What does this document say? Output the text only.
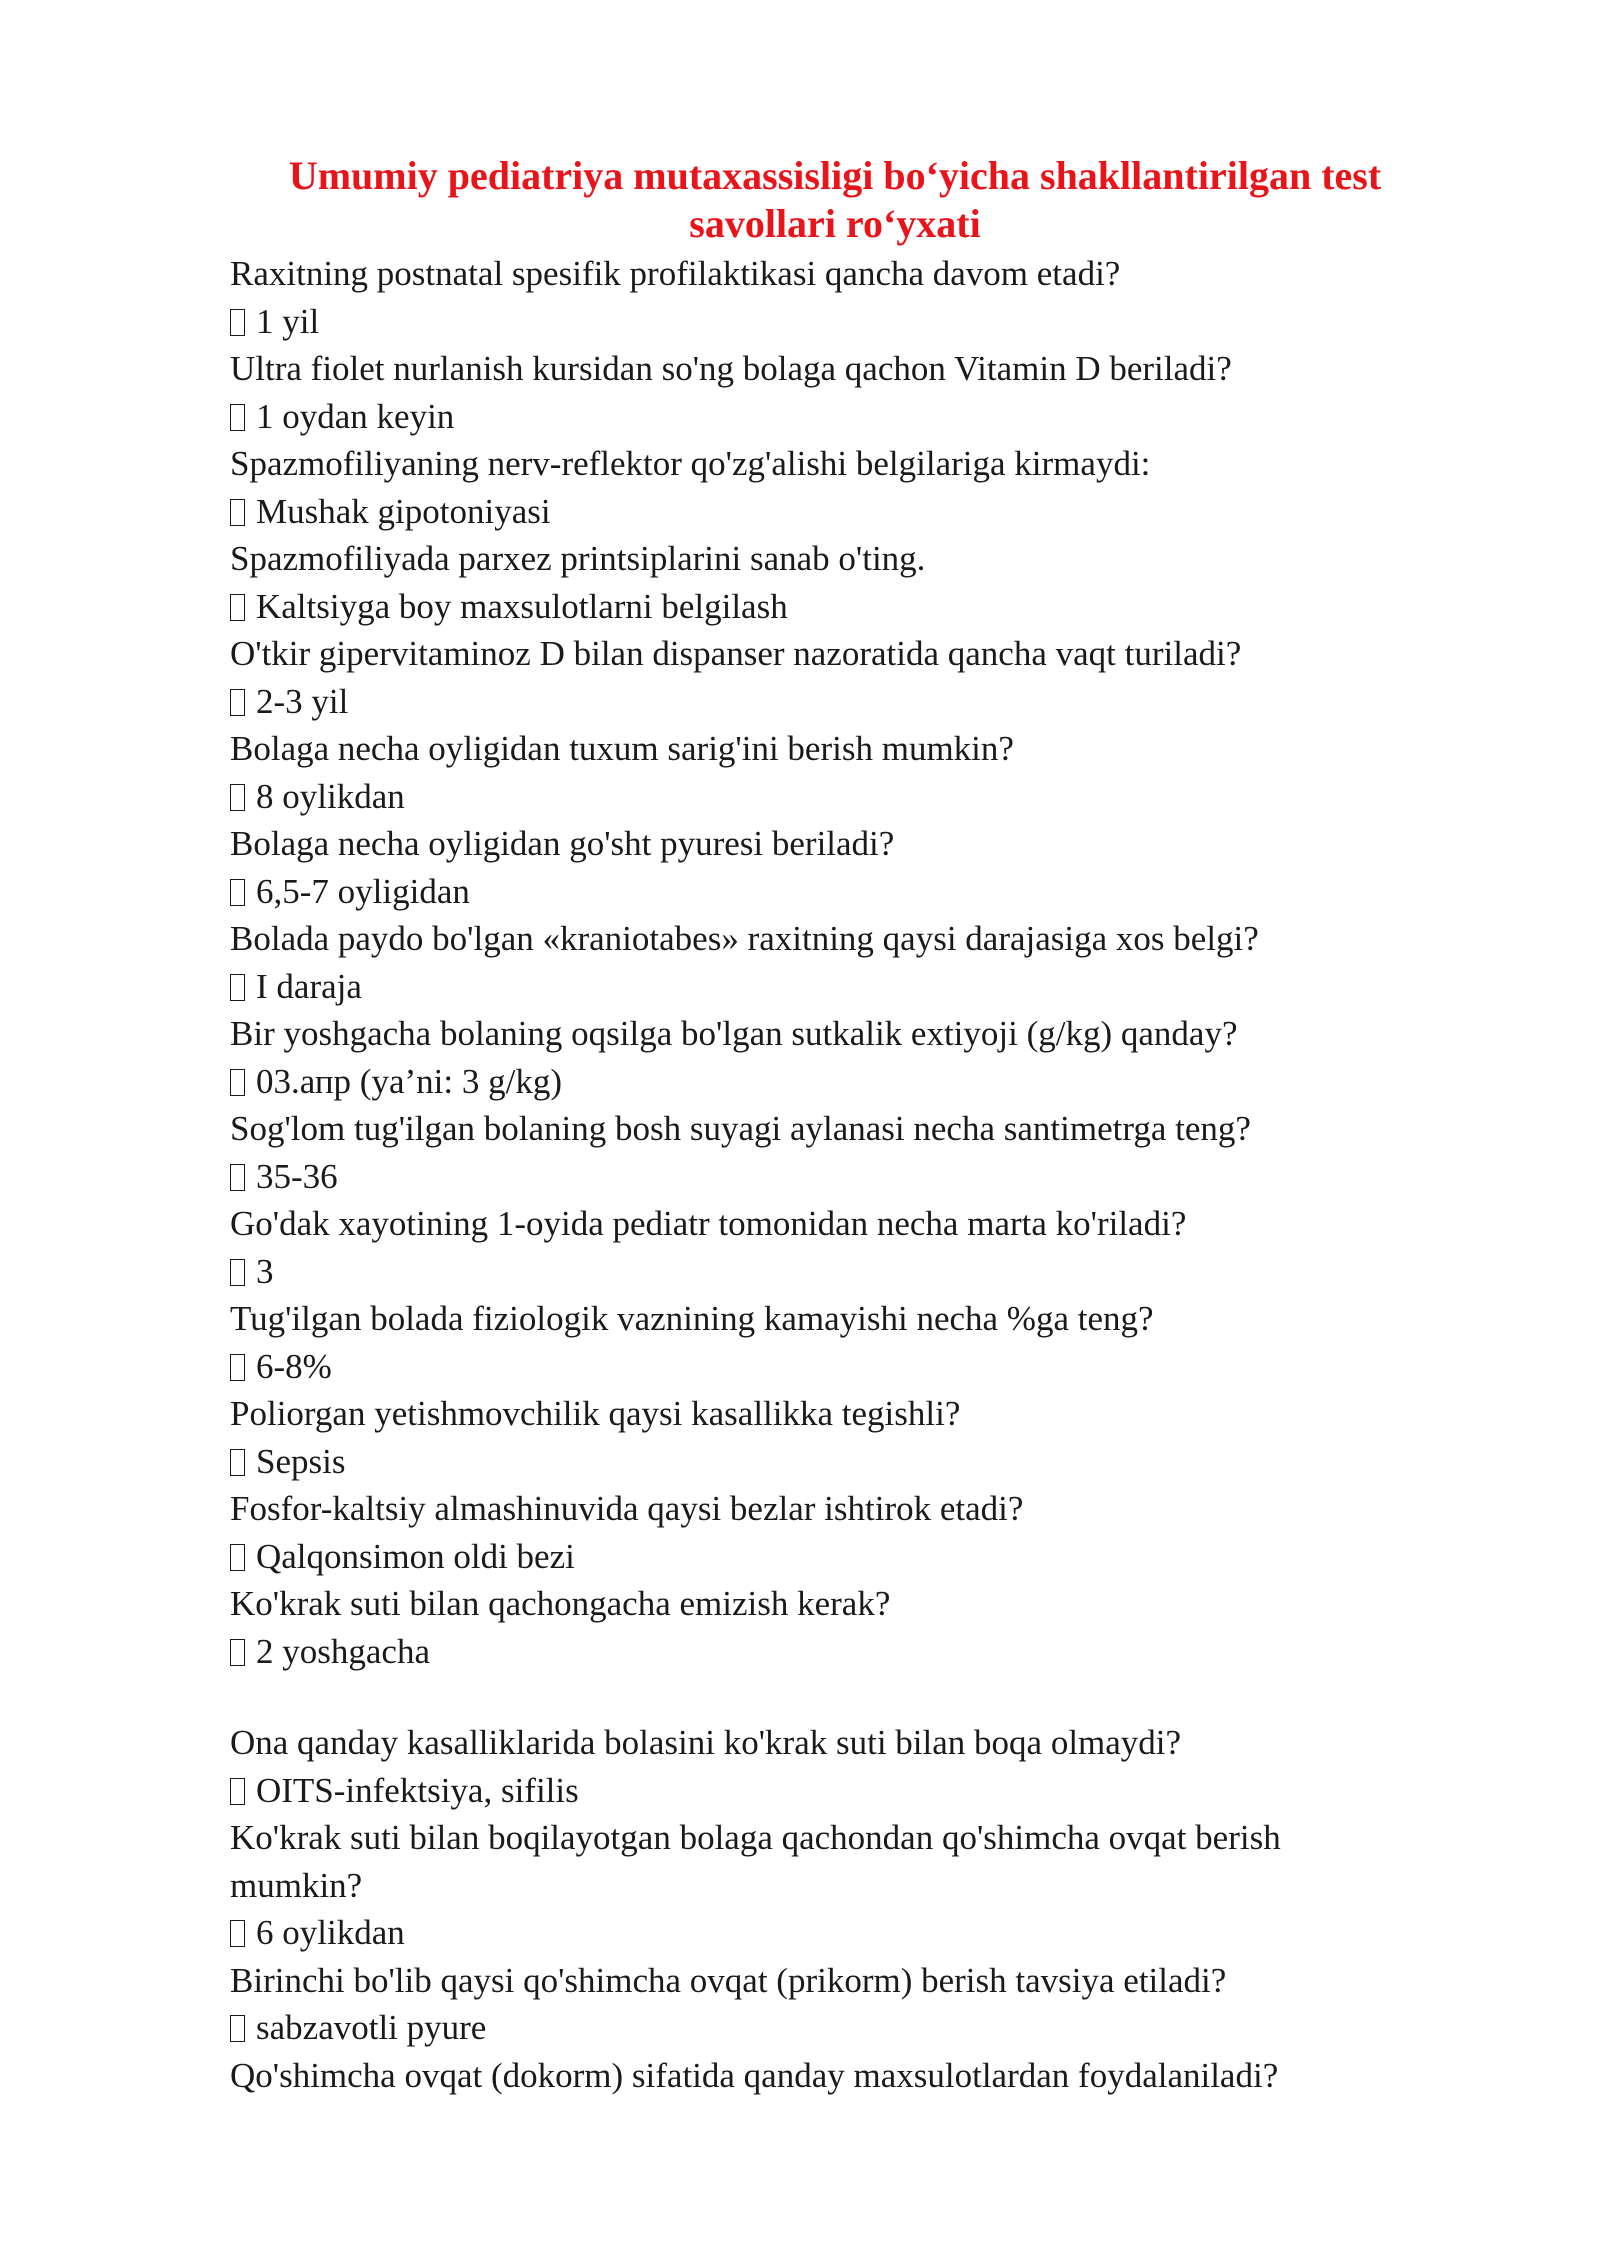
Umumiy pediatriya mutaxassisligi bo‘yicha shakllantirilgan test savollari ro‘yxati

Raxitning postnatal spesifik profilaktikasi qancha davom etadi?

1 yil

Ultra fiolet nurlanish kursidan so'ng bolaga qachon Vitamin D beriladi?

1 oydan keyin

Spazmofiliyaning nerv-reflektor qo'zg'alishi belgilariga kirmaydi:

Mushak gipotoniyasi

Spazmofiliyada parxez printsiplarini sanab o'ting.

Kaltsiyga boy maxsulotlarni belgilash

O'tkir gipervitaminoz D bilan dispanser nazoratida qancha vaqt turiladi?

2-3 yil

Bolaga necha oyligidan tuxum sarig'ini berish mumkin?

8 oylikdan

Bolaga necha oyligidan go'sht pyuresi beriladi?

6,5-7 oyligidan

Bolada paydo bo'lgan «kraniotabes» raxitning qaysi darajasiga xos belgi?

I daraja

Bir yoshgacha bolaning oqsilga bo'lgan sutkalik extiyoji (g/kg) qanday?

03.апр (ya’ni: 3 g/kg)

Sog'lom tug'ilgan bolaning bosh suyagi aylanasi necha santimetrga teng?

35-36

Go'dak xayotining 1-oyida pediatr tomonidan necha marta ko'riladi?

3

Tug'ilgan bolada fiziologik vaznining kamayishi necha %ga teng?

6-8%

Poliorgan yetishmovchilik qaysi kasallikka tegishli?

Sepsis

Fosfor-kaltsiy almashinuvida qaysi bezlar ishtirok etadi?

Qalqonsimon oldi bezi

Ko'krak suti bilan qachongacha emizish kerak?

2 yoshgacha

Ona qanday kasalliklarida bolasini ko'krak suti bilan boqa olmaydi?

OITS-infektsiya, sifilis

Ko'krak suti bilan boqilayotgan bolaga qachondan qo'shimcha ovqat berish mumkin?

6 oylikdan

Birinchi bo'lib qaysi qo'shimcha ovqat (prikorm) berish tavsiya etiladi?

sabzavotli pyure

Qo'shimcha ovqat (dokorm) sifatida qanday maxsulotlardan foydalaniladi?
